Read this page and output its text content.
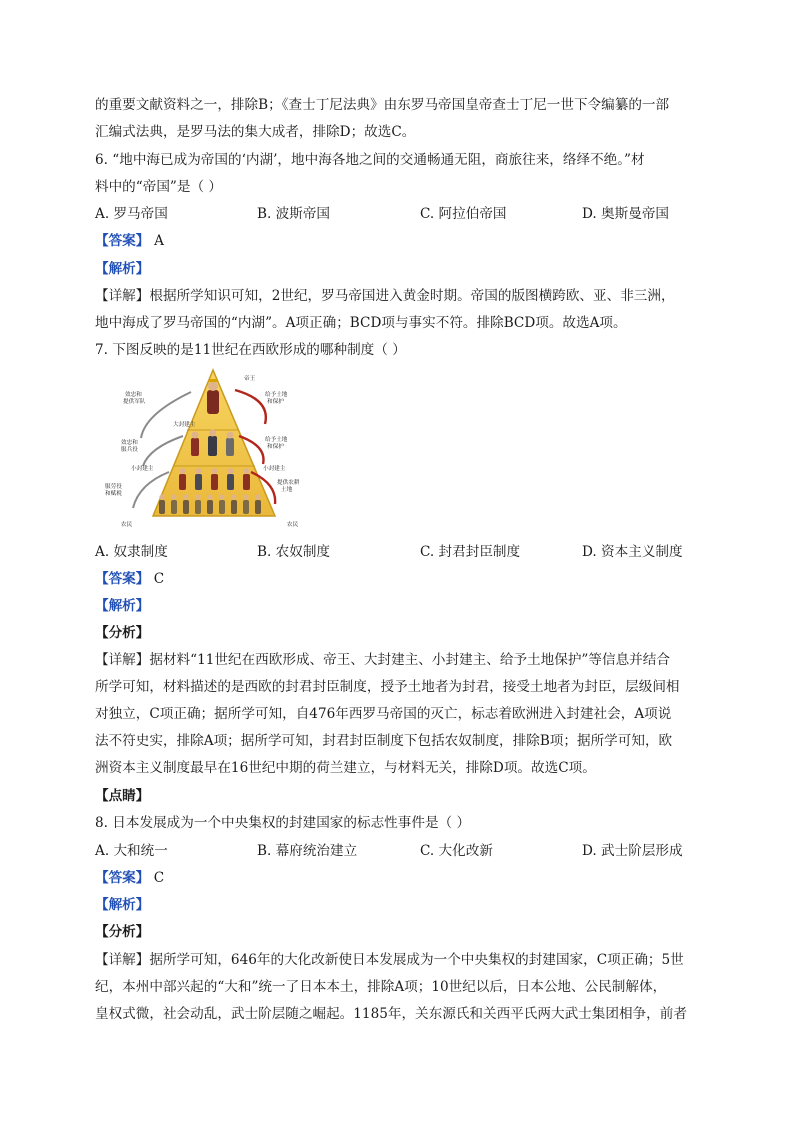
的重要文献资料之一，排除B；《查士丁尼法典》由东罗马帝国皇帝查士丁尼一世下令编纂的一部
汇编式法典，是罗马法的集大成者，排除D；故选C。
6. “地中海已成为帝国的‘内湖’，地中海各地之间的交通畅通无阻，商旅往来，络绎不绝。”材
料中的“帝国”是（ ）
A. 罗马帝国	B. 波斯帝国	C. 阿拉伯帝国	D. 奥斯曼帝国
【答案】 A
【解析】
【详解】根据所学知识可知，2世纪，罗马帝国进入黄金时期。帝国的版图横跨欧、亚、非三洲，
地中海成了罗马帝国的“内湖”。A项正确；BCD项与事实不符。排除BCD项。故选A项。
7. 下图反映的是11世纪在西欧形成的哪种制度（ ）
帝王
给予土地
和保护
大封建主
给予土地
和保护
小封建主	小封建主
提供农耕
土地
效忠和
提供军队
效忠和
服兵役
服劳役
和赋税
农民	农民
A. 奴隶制度	B. 农奴制度	C. 封君封臣制度	D. 资本主义制度
【答案】 C
【解析】
【分析】
【详解】据材料“11世纪在西欧形成、帝王、大封建主、小封建主、给予土地保护”等信息并结合
所学可知，材料描述的是西欧的封君封臣制度，授予土地者为封君，接受土地者为封臣，层级间相
对独立，C项正确；据所学可知，自476年西罗马帝国的灭亡，标志着欧洲进入封建社会，A项说
法不符史实，排除A项；据所学可知，封君封臣制度下包括农奴制度，排除B项；据所学可知，欧
洲资本主义制度最早在16世纪中期的荷兰建立，与材料无关，排除D项。故选C项。
【点睛】
8. 日本发展成为一个中央集权的封建国家的标志性事件是（ ）
A. 大和统一	B. 幕府统治建立	C. 大化改新	D. 武士阶层形成
【答案】 C
【解析】
【分析】
【详解】据所学可知，646年的大化改新使日本发展成为一个中央集权的封建国家，C项正确；5世
纪，本州中部兴起的“大和”统一了日本本土，排除A项；10世纪以后，日本公地、公民制解体，
皇权式微，社会动乱，武士阶层随之崛起。1185年，关东源氏和关西平氏两大武士集团相争，前者
